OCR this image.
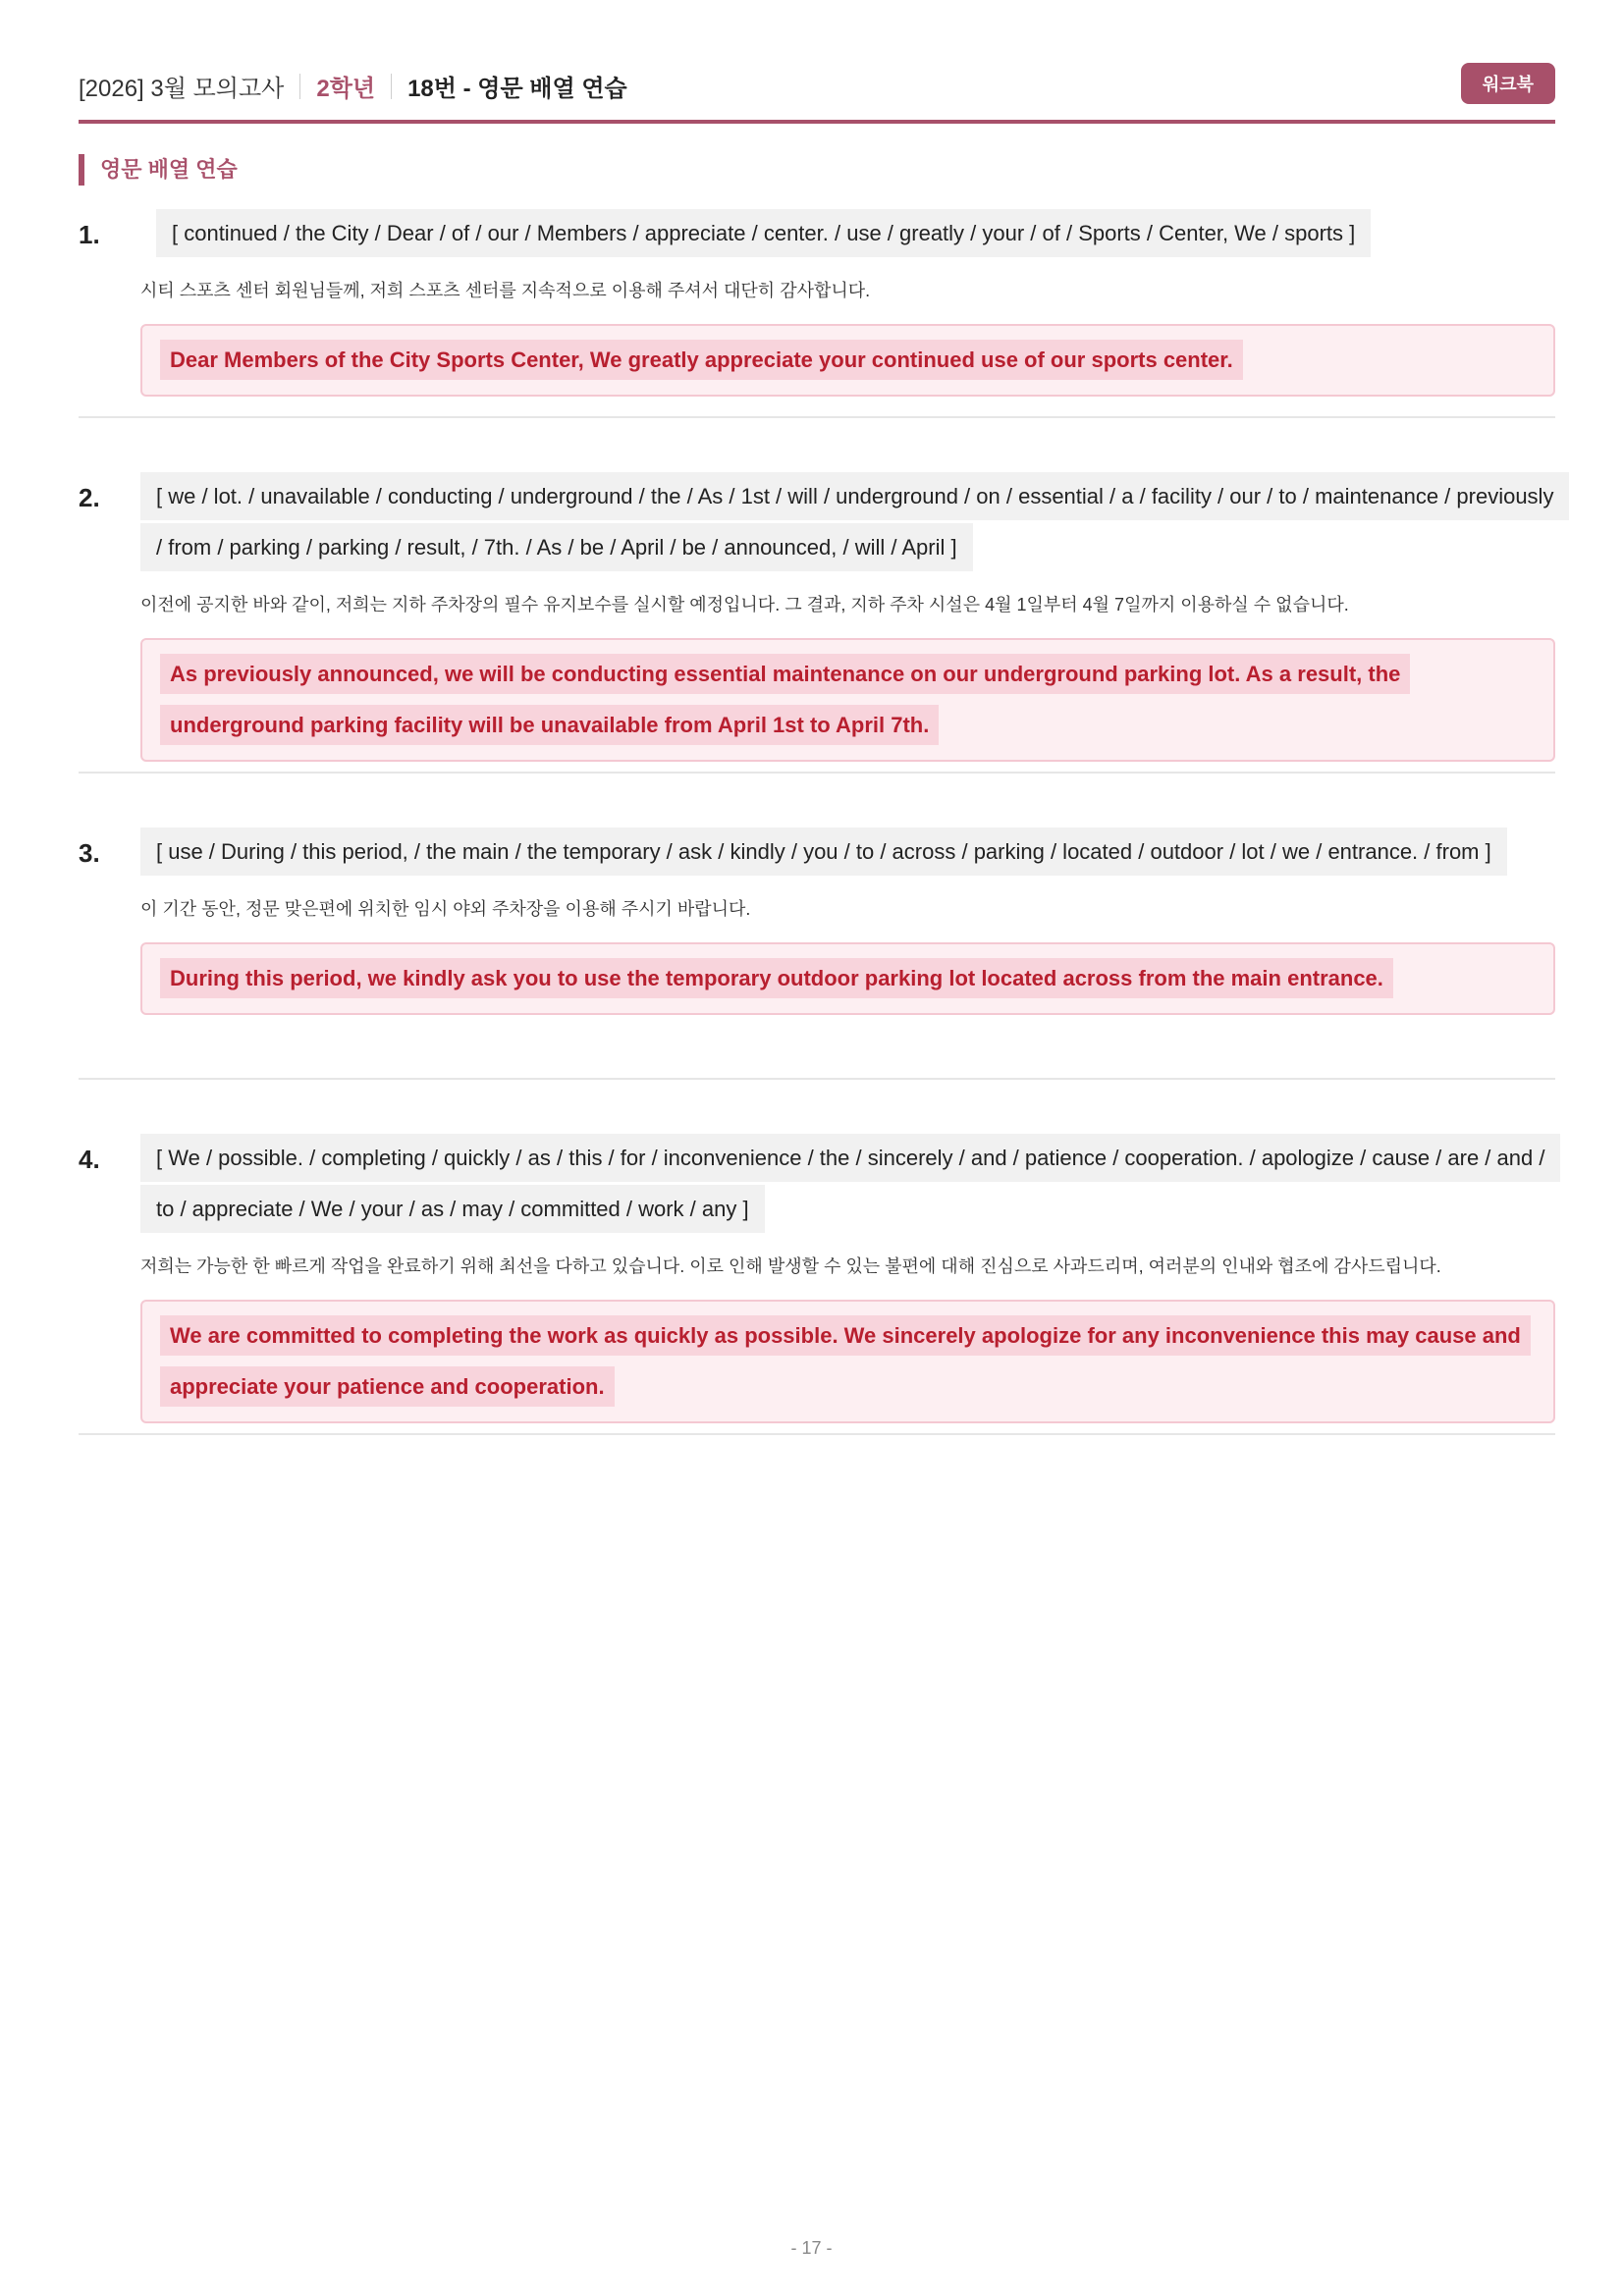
[2026] 3월 모의고사 2학년 18번 - 영문 배열 연습	워크북
영문 배열 연습
1.	[ continued / the City / Dear / of / our / Members / appreciate / center. / use / greatly / your / of / Sports / Center, We / sports ]
시티 스포츠 센터 회원님들께, 저희 스포츠 센터를 지속적으로 이용해 주셔서 대단히 감사합니다.
Dear Members of the City Sports Center, We greatly appreciate your continued use of our sports center.
2.	[ we / lot. / unavailable / conducting / underground / the / As / 1st / will / underground / on / essential / a / facility / our / to / maintenance / previously / from / parking / parking / result, / 7th. / As / be / April / be / announced, / will / April ]
이전에 공지한 바와 같이, 저희는 지하 주차장의 필수 유지보수를 실시할 예정입니다. 그 결과, 지하 주차 시설은 4월 1일부터 4월 7일까지 이용하실 수 없습니다.
As previously announced, we will be conducting essential maintenance on our underground parking lot. As a result, the underground parking facility will be unavailable from April 1st to April 7th.
3.	[ use / During / this period, / the main / the temporary / ask / kindly / you / to / across / parking / located / outdoor / lot / we / entrance. / from ]
이 기간 동안, 정문 맞은편에 위치한 임시 야외 주차장을 이용해 주시기 바랍니다.
During this period, we kindly ask you to use the temporary outdoor parking lot located across from the main entrance.
4.	[ We / possible. / completing / quickly / as / this / for / inconvenience / the / sincerely / and / patience / cooperation. / apologize / cause / are / and / to / appreciate / We / your / as / may / committed / work / any ]
저희는 가능한 한 빠르게 작업을 완료하기 위해 최선을 다하고 있습니다. 이로 인해 발생할 수 있는 불편에 대해 진심으로 사과드리며, 여러분의 인내와 협조에 감사드립니다.
We are committed to completing the work as quickly as possible. We sincerely apologize for any inconvenience this may cause and appreciate your patience and cooperation.
- 17 -
